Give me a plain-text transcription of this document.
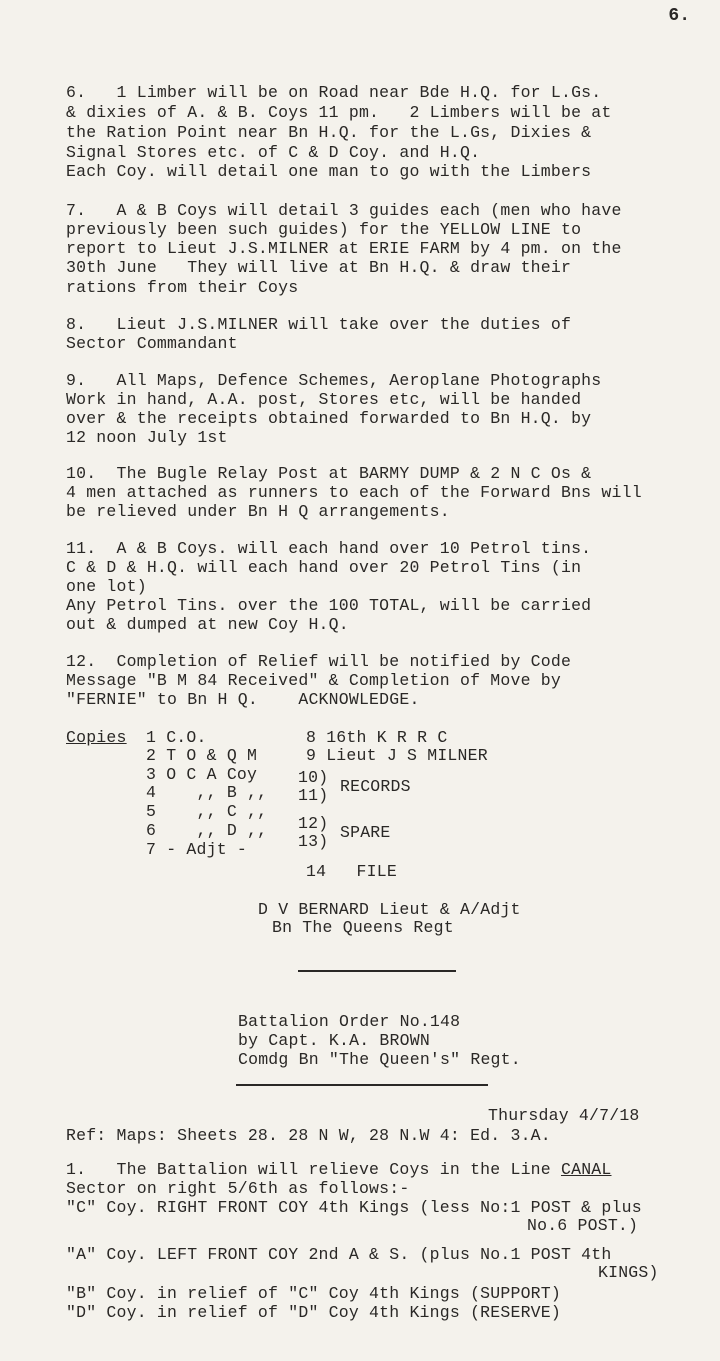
6.
6.   1 Limber will be on Road near Bde H.Q. for L.Gs.
& dixies of A. & B. Coys 11 pm.   2 Limbers will be at
the Ration Point near Bn H.Q. for the L.Gs, Dixies &
Signal Stores etc. of C & D Coy. and H.Q.
Each Coy. will detail one man to go with the Limbers
7.   A & B Coys will detail 3 guides each (men who have
previously been such guides) for the YELLOW LINE to
report to Lieut J.S.MILNER at ERIE FARM by 4 pm. on the
30th June   They will live at Bn H.Q. & draw their
rations from their Coys
8.   Lieut J.S.MILNER will take over the duties of
Sector Commandant
9.   All Maps, Defence Schemes, Aeroplane Photographs
Work in hand, A.A. post, Stores etc, will be handed
over & the receipts obtained forwarded to Bn H.Q. by
12 noon July 1st
10.  The Bugle Relay Post at BARMY DUMP & 2 N C Os &
4 men attached as runners to each of the Forward Bns will
be relieved under Bn H Q arrangements.
11.  A & B Coys. will each hand over 10 Petrol tins.
C & D & H.Q. will each hand over 20 Petrol Tins (in
one lot)
Any Petrol Tins. over the 100 TOTAL, will be carried
out & dumped at new Coy H.Q.
12.  Completion of Relief will be notified by Code
Message "B M 84 Received" & Completion of Move by
"FERNIE" to Bn H Q.    ACKNOWLEDGE.
Copies 1 C.O.
2 T O & Q M
3 O C A Coy
4    ,, B ,,
5    ,, C ,,
6    ,, D ,,
7 - Adjt -
8 16th K R R C
9 Lieut J S MILNER
10)
11) RECORDS
12)
13) SPARE
14   FILE
D V BERNARD Lieut & A/Adjt
Bn The Queens Regt
Battalion Order No.148
by Capt. K.A. BROWN
Comdg Bn "The Queen's" Regt.
Thursday 4/7/18
Ref: Maps: Sheets 28. 28 N W, 28 N.W 4: Ed. 3.A.
1.   The Battalion will relieve Coys in the Line CANAL
Sector on right 5/6th as follows:-
"C" Coy. RIGHT FRONT COY 4th Kings (less No:1 POST & plus
No.6 POST.)
"A" Coy. LEFT FRONT COY 2nd A & S. (plus No.1 POST 4th
KINGS)
"B" Coy. in relief of "C" Coy 4th Kings (SUPPORT)
"D" Coy. in relief of "D" Coy 4th Kings (RESERVE)
